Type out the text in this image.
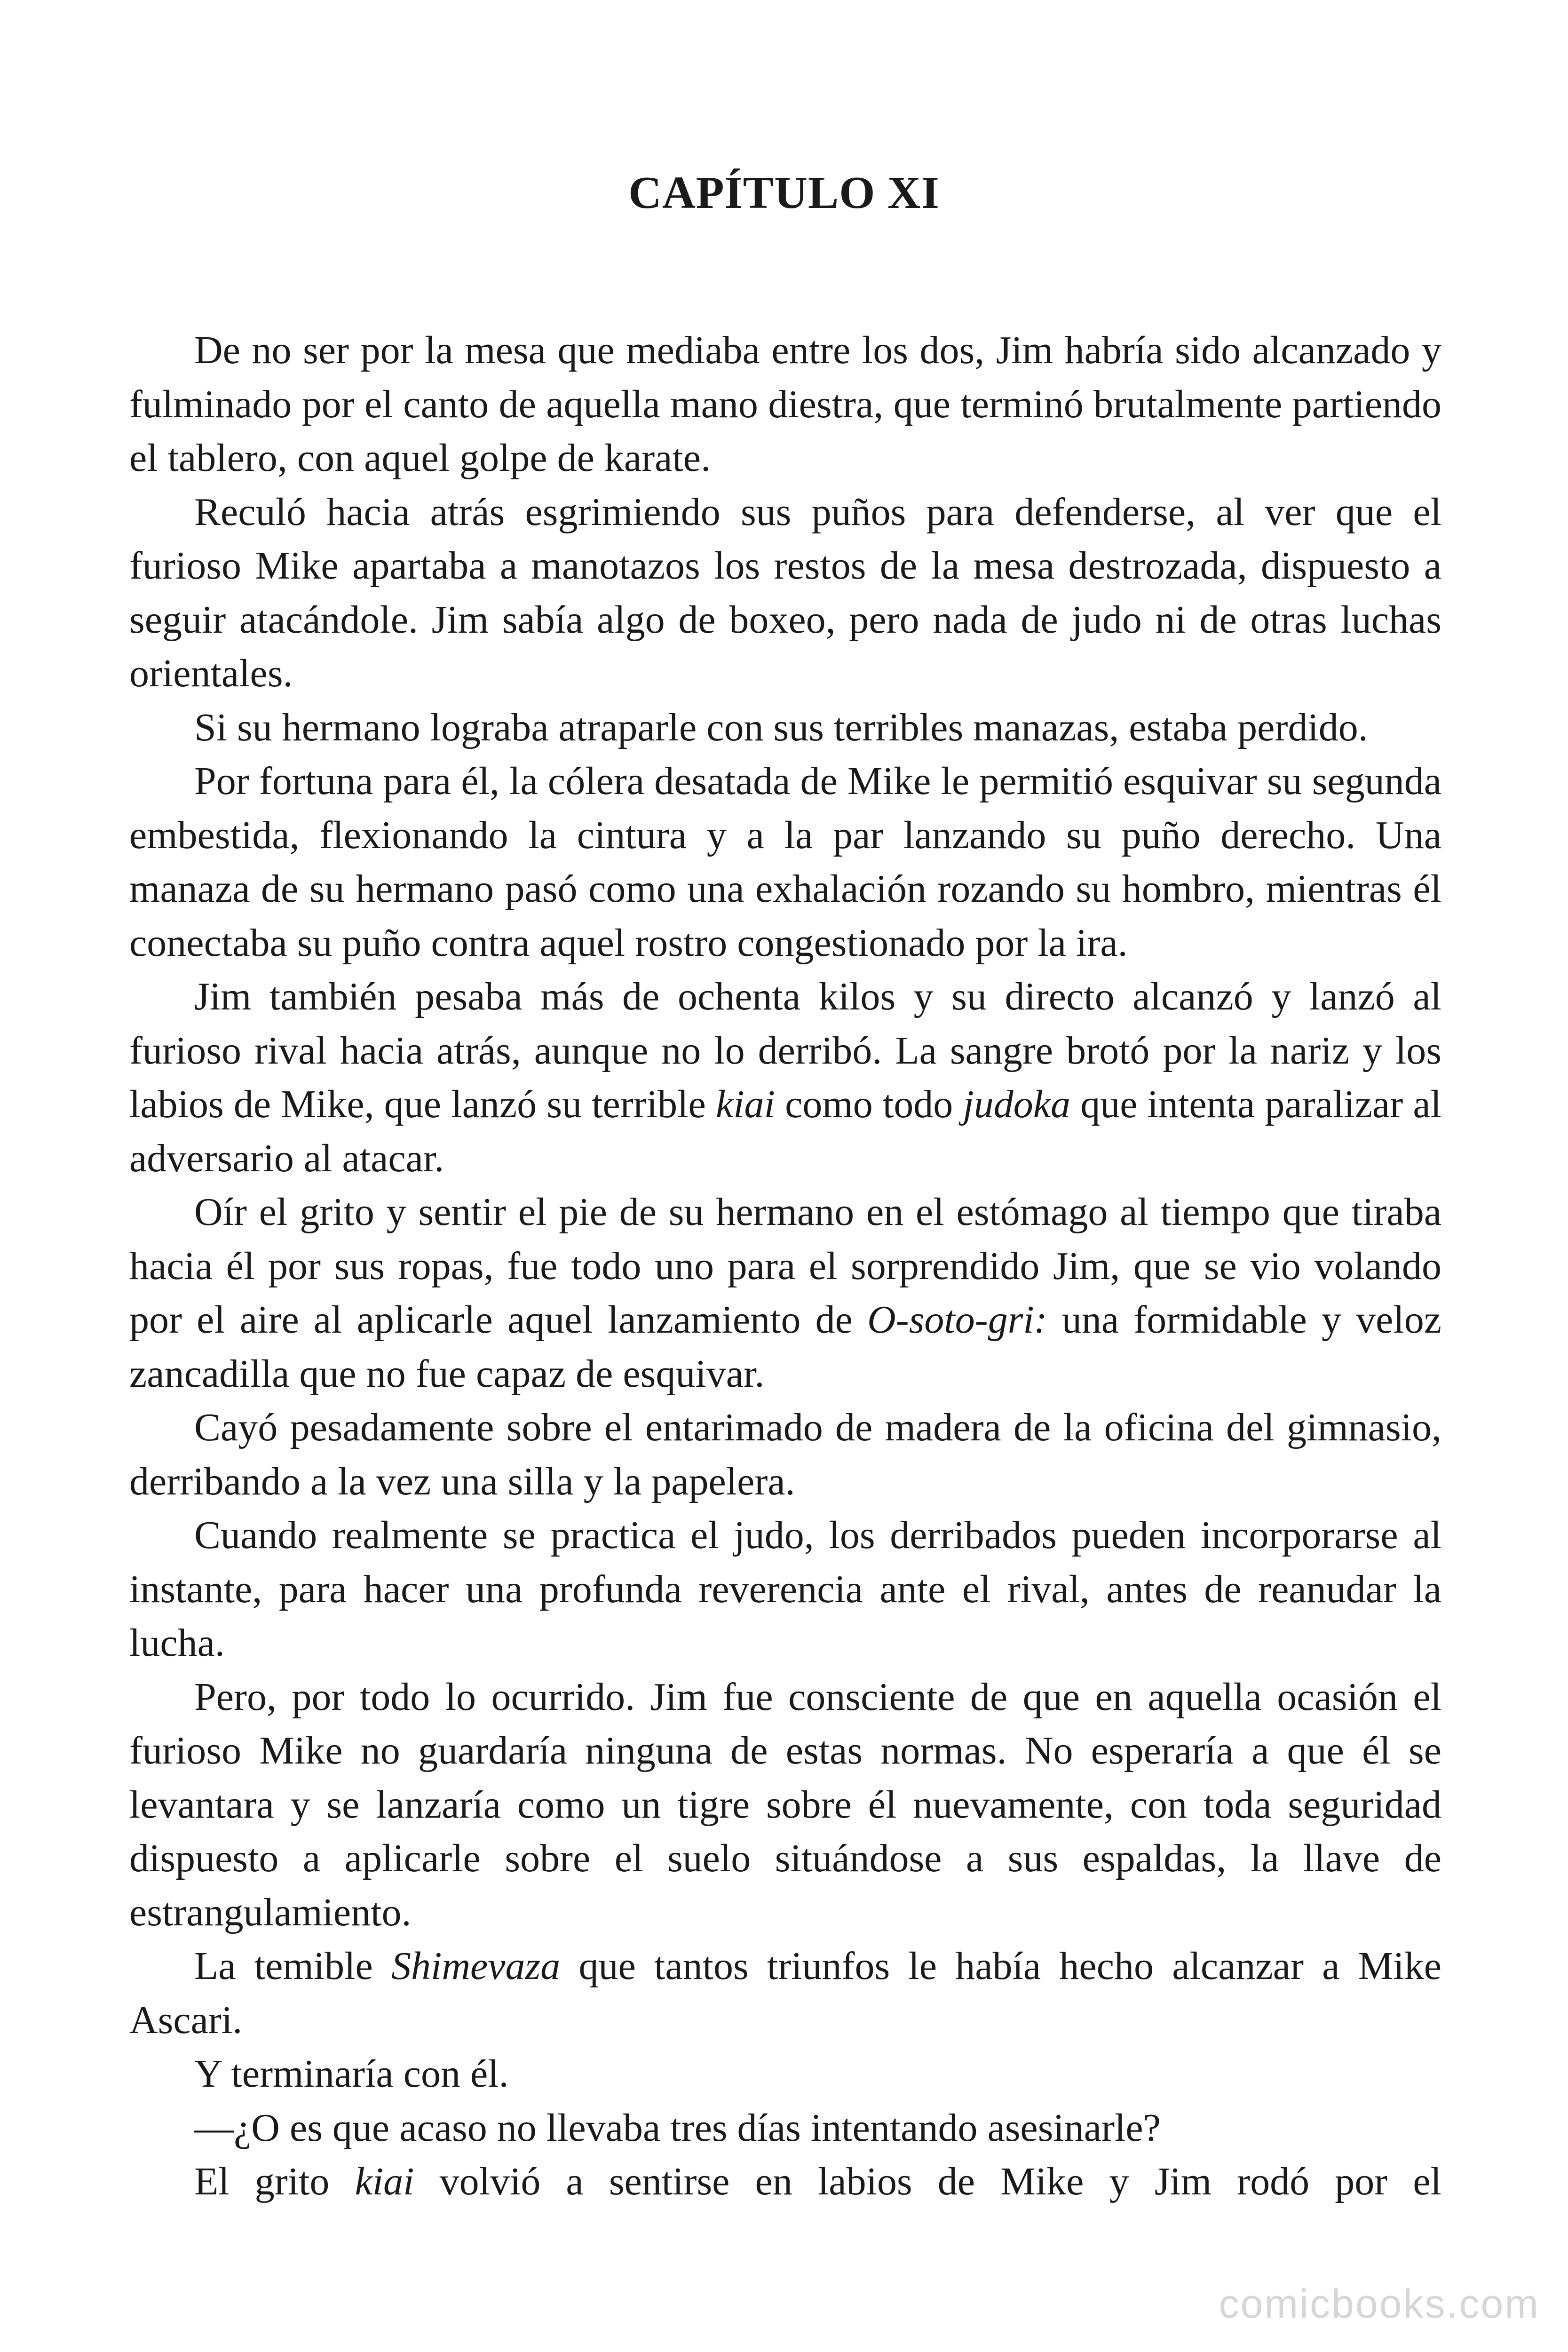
CAPÍTULO XI

De no ser por la mesa que mediaba entre los dos, Jim habría sido alcanzado y fulminado por el canto de aquella mano diestra, que terminó brutalmente partiendo el tablero, con aquel golpe de karate.

Reculó hacia atrás esgrimiendo sus puños para defenderse, al ver que el furioso Mike apartaba a manotazos los restos de la mesa destrozada, dispuesto a seguir atacándole. Jim sabía algo de boxeo, pero nada de judo ni de otras luchas orientales.

Si su hermano lograba atraparle con sus terribles manazas, estaba perdido.

Por fortuna para él, la cólera desatada de Mike le permitió esquivar su segunda embestida, flexionando la cintura y a la par lanzando su puño derecho. Una manaza de su hermano pasó como una exhalación rozando su hombro, mientras él conectaba su puño contra aquel rostro congestionado por la ira.

Jim también pesaba más de ochenta kilos y su directo alcanzó y lanzó al furioso rival hacia atrás, aunque no lo derribó. La sangre brotó por la nariz y los labios de Mike, que lanzó su terrible kiai como todo judoka que intenta paralizar al adversario al atacar.

Oír el grito y sentir el pie de su hermano en el estómago al tiempo que tiraba hacia él por sus ropas, fue todo uno para el sorprendido Jim, que se vio volando por el aire al aplicarle aquel lanzamiento de O-soto-gri: una formidable y veloz zancadilla que no fue capaz de esquivar.

Cayó pesadamente sobre el entarimado de madera de la oficina del gimnasio, derribando a la vez una silla y la papelera.

Cuando realmente se practica el judo, los derribados pueden incorporarse al instante, para hacer una profunda reverencia ante el rival, antes de reanudar la lucha.

Pero, por todo lo ocurrido. Jim fue consciente de que en aquella ocasión el furioso Mike no guardaría ninguna de estas normas. No esperaría a que él se levantara y se lanzaría como un tigre sobre él nuevamente, con toda seguridad dispuesto a aplicarle sobre el suelo situándose a sus espaldas, la llave de estrangulamiento.

La temible Shimevaza que tantos triunfos le había hecho alcanzar a Mike Ascari.

Y terminaría con él.

—¿O es que acaso no llevaba tres días intentando asesinarle?

El grito kiai volvió a sentirse en labios de Mike y Jim rodó por el

comicbooks.com
